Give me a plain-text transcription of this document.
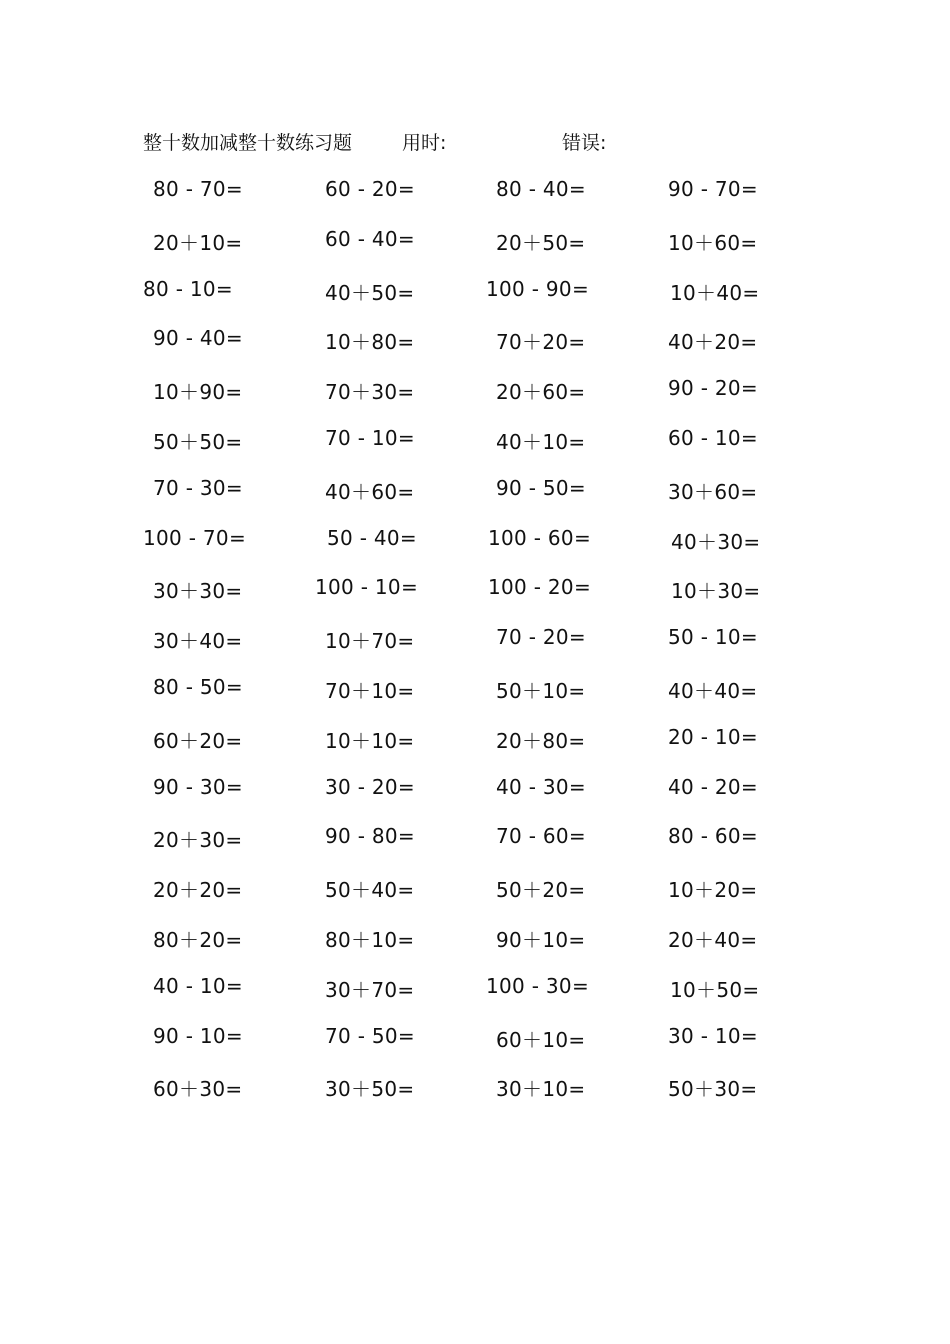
整十数加减整十数练习题	用时:	错误:
80 - 70=	60 - 20=	80 - 40=	90 - 70=
20＋10=	60 - 40=	20＋50=	10＋60=
80 - 10=	40＋50=	100 - 90=	10＋40=
90 - 40=	10＋80=	70＋20=	40＋20=
10＋90=	70＋30=	20＋60=	90 - 20=
50＋50=	70 - 10=	40＋10=	60 - 10=
70 - 30=	40＋60=	90 - 50=	30＋60=
100 - 70=	50 - 40=	100 - 60=	40＋30=
30＋30=	100 - 10=	100 - 20=	10＋30=
30＋40=	10＋70=	70 - 20=	50 - 10=
80 - 50=	70＋10=	50＋10=	40＋40=
60＋20=	10＋10=	20＋80=	20 - 10=
90 - 30=	30 - 20=	40 - 30=	40 - 20=
20＋30=	90 - 80=	70 - 60=	80 - 60=
20＋20=	50＋40=	50＋20=	10＋20=
80＋20=	80＋10=	90＋10=	20＋40=
40 - 10=	30＋70=	100 - 30=	10＋50=
90 - 10=	70 - 50=	60＋10=	30 - 10=
60＋30=	30＋50=	30＋10=	50＋30=
